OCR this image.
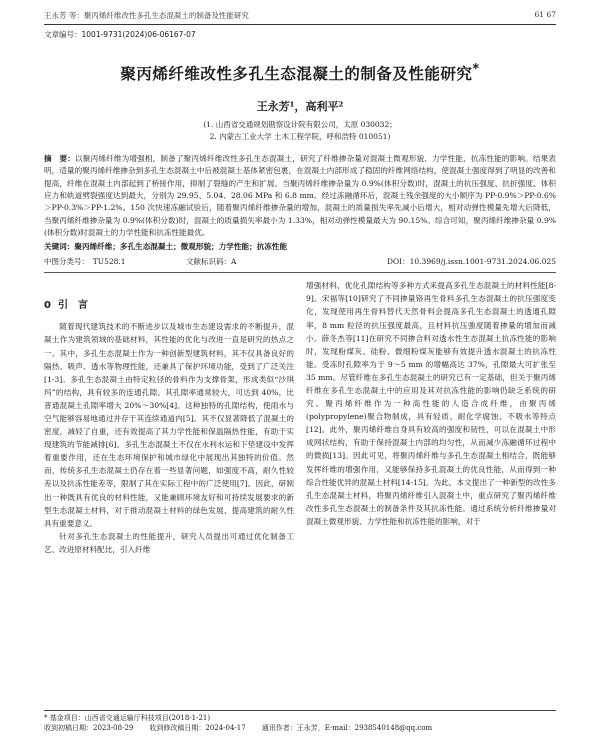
王永芳 等：聚丙烯纤维改性多孔生态混凝土的制备及性能研究	61 67
文章编号：1001-9731(2024)06-06167-07
聚丙烯纤维改性多孔生态混凝土的制备及性能研究*
王永芳¹，高利平²
(1. 山西省交通规划勘察设计院有限公司，太原 030032；
2. 内蒙古工业大学 土木工程学院，呼和浩特 010051)
摘　要：以聚丙烯纤维为增强相，制备了聚丙烯纤维改性多孔生态混凝土，研究了纤维掺杂量对混凝土微观形貌、力学性能、抗冻性能的影响。结果表明，适量的聚丙烯纤维掺杂到多孔生态混凝土中后被混凝土基体紧密包裹，在混凝土内部形成了稳固的纤维网络结构，使混凝土强度得到了明显的改善和提高，纤维在混凝土内部起到了桥接作用，抑制了裂缝的产生和扩展。当聚丙烯纤维掺杂量为 0.9%(体积分数)时，混凝土的抗压强度、抗折强度、体积应力和轨道劈裂强度达到最大，分别为 29.95、5.04、28.06 MPa 和 6.8 mm。经过冻融循环后，混凝土残余强度的大小顺序为 PP-0.9%＞PP-0.6%＞PP-0.3%＞PP-1.2%。150 次快速冻融试验后，随着聚丙烯纤维掺杂量的增加，混凝土的质量损失率先减小后增大，相对动弹性模量先增大后降低，当聚丙烯纤维掺杂量为 0.9%(体积分数)时，混凝土的质量损失率最小为 1.33%，相对动弹性模量最大为 90.15%。综合可知，聚丙烯纤维掺杂量 0.9%(体积分数)时混凝土的力学性能和抗冻性能最优。
关键词：聚丙烯纤维；多孔生态混凝土；微观形貌；力学性能；抗冻性能
中图分类号：　TU528.1	文献标识码：A	DOI：10.3969/j.issn.1001-9731.2024.06.025
0 引　言

随着现代建筑技术的不断进步以及城市生态建设需求的不断提升，混凝土作为建筑领域的基础材料，其性能的优化与改进一直是研究的热点之一。其中，多孔生态混凝土作为一种创新型建筑材料，其不仅具备良好的隔热、吸声、透水等物理性能，还兼具了保护环境功能，受到了广泛关注[1-3]。多孔生态混凝土由特定粒径的骨料作为支撑骨架，形成类似“沙琪玛”的结构，具有较多的连通孔隙。其孔隙率通常较大，可达到 40%，比普通混凝土孔隙率增大 20%～30%[4]。这种独特的孔隙结构，使雨水与空气能够容易地通过并存于其连续通道内[5]。其不仅显著降低了混凝土的密度，减轻了自重，还有效提高了其力学性能和保温隔热性能，有助于实现建筑的节能减排[6]。多孔生态混凝土不仅在水利水运和下垫建设中发挥着重要作用，还在生态环境保护和城市绿化中展现出其独特的价值。然而，传统多孔生态混凝土仍存在着一些显著问题，如强度不高，耐久性较差以及抗冻性能差等，限制了其在实际工程中的广泛使用[7]。因此，研制出一种既具有优良的材料性能，又能兼顾环境友好和可持续发展要求的新型生态混凝土材料，对于推动混凝土材料的绿色发展、提高建筑的耐久性具有重要意义。

针对多孔生态混凝土的性能提升，研究人员提出可通过优化制备工艺、改进原材料配比，引入纤维

增强材料、优化孔隙结构等多种方式来提高多孔生态混凝土的材料性能[8-9]。宋福等[10]研究了不同掺量铬再生骨料多孔生态混凝土的抗压强度变化，发现使用再生骨料替代天然骨料会提高多孔生态混凝土的透通孔隙率，8 mm 粒径的抗压强度最高，且材料抗压強度随着掺量的增加而减小。薛冬杰等[11]在研究不同掺合料对透水性生态混凝土抗冻性能的影响时，发现粉煤灰、硅粉、微细粉煤灰能够有效提升透水混凝土的抗冻性能。受冻时孔隙率为于 9～5 mm 的增幅高达 37%，孔隙最大可扩张至 35 mm。尽管纤维在多孔生态混凝土的研究已有一定基础，但关于聚丙烯纤维在多孔生态混凝土中的应用及其对抗冻性能的影响仍缺乏系统的研究。聚丙烯纤维作为一种高性能的人造合成纤维，由聚丙烯(polypropylene)聚合物制成，具有轻质、耐化学腐蚀、不吸水等特点[12]。此外，聚丙烯纤维自身具有较高的强度和韧性，可以在混凝土中形成网状结构，有助于保持混凝土内部的均匀性，从而减少冻融循环过程中的微损[13]。因此可见，将聚丙烯纤维与多孔生态混凝土相结合，既能够发挥纤维的增强作用，又能够保持多孔混凝土的优良性能，从而得到一种综合性能优异的混凝土材料[14-15]。为此，本文提出了一种新型的改性多孔生态混凝土材料，将聚丙烯纤维引入混凝土中，重点研究了聚丙烯纤维改性多孔生态混凝土的制备条件及其抗冻性能。通过系统分析纤维掺量对混凝土微观形貌、力学性能和抗冻性能的影响，对于

* 基金项目：山西省交通运输厅科技项目(2018-1-21)
收到初稿日期：2023-08-29 收到修改稿日期：2024-04-17 通讯作者：王永芳，E-mail：2938540148@qq.com
